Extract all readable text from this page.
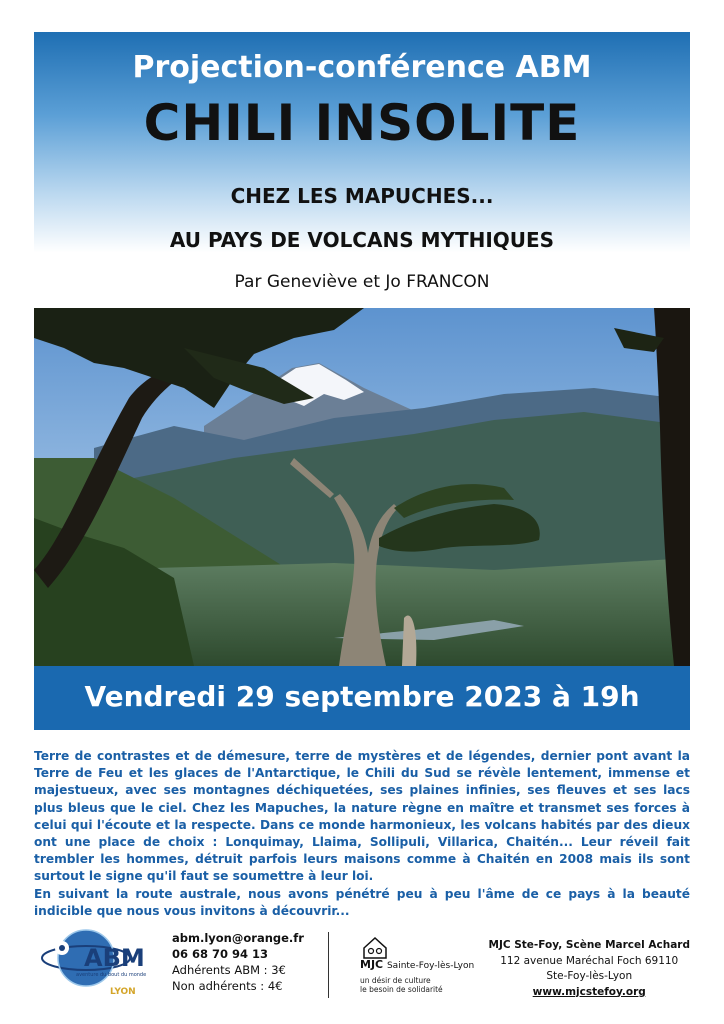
Projection-conférence ABM
CHILI INSOLITE
CHEZ LES MAPUCHES...
AU PAYS DE VOLCANS MYTHIQUES
Par Geneviève et Jo FRANCON
Vendredi 29 septembre 2023 à 19h

Terre de contrastes et de démesure, terre de mystères et de légendes, dernier pont avant la Terre de Feu et les glaces de l'Antarctique, le Chili du Sud se révèle lentement, immense et majestueux, avec ses montagnes déchiquetées, ses plaines infinies, ses fleuves et ses lacs plus bleus que le ciel. Chez les Mapuches, la nature règne en maître et transmet ses forces à celui qui l'écoute et la respecte. Dans ce monde harmonieux, les volcans habités par des dieux ont une place de choix : Lonquimay, Llaima, Sollipuli, Villarica, Chaitén... Leur réveil fait trembler les hommes, détruit parfois leurs maisons comme à Chaitén en 2008 mais ils sont surtout le signe qu'il faut se soumettre à leur loi.

En suivant la route australe, nous avons pénétré peu à peu l'âme de ce pays à la beauté indicible que nous vous invitons à découvrir...

ABM
aventure du bout du monde
LYON
abm.lyon@orange.fr
06 68 70 94 13
Adhérents ABM : 3€
Non adhérents : 4€
MJC Sainte-Foy-lès-Lyon
un désir de culture
le besoin de solidarité
MJC Ste-Foy, Scène Marcel Achard
112 avenue Maréchal Foch 69110
Ste-Foy-lès-Lyon
www.mjcstefoy.org
